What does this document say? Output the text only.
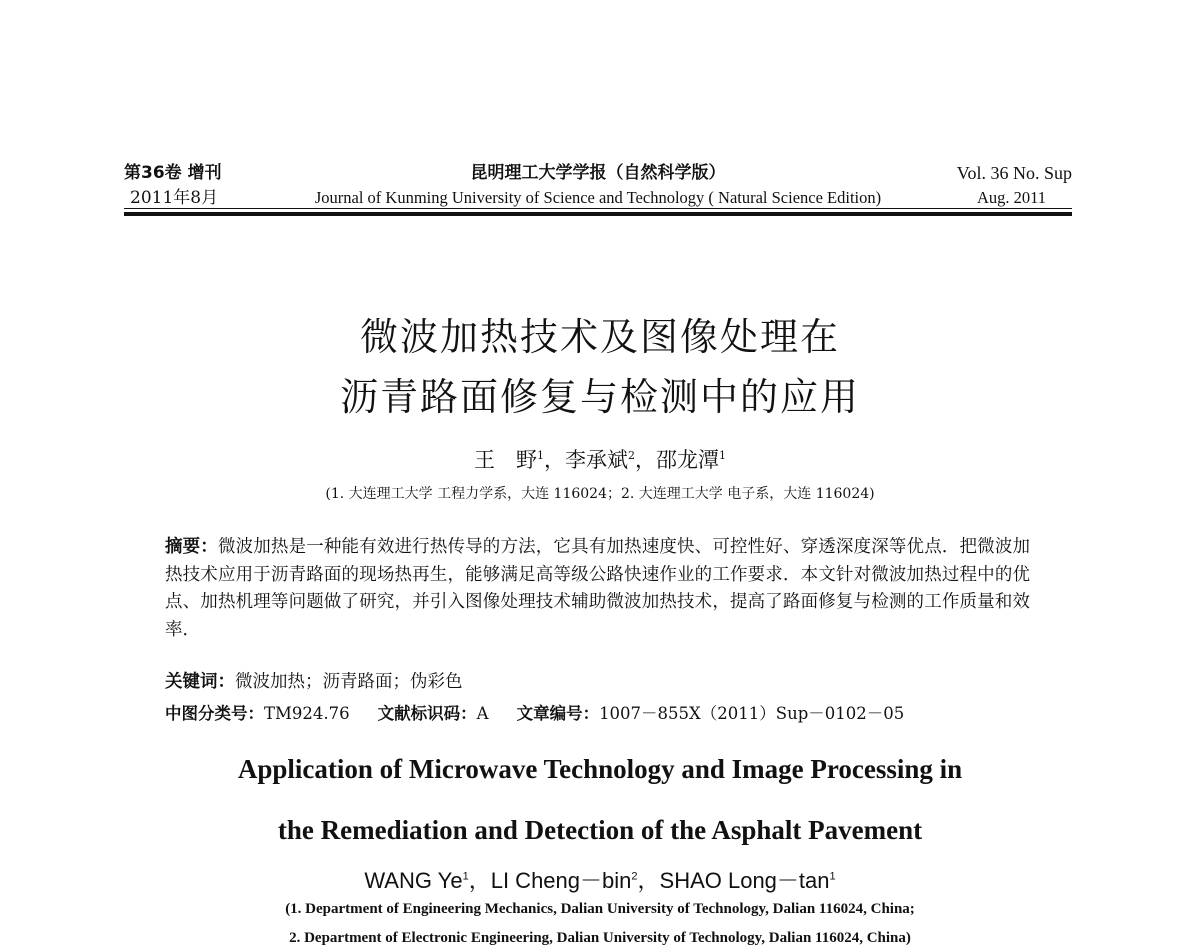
第36卷 增刊
2011年8月
昆明理工大学学报（自然科学版）
Journal of Kunming University of Science and Technology ( Natural Science Edition)
Vol. 36 No. Sup
Aug. 2011
微波加热技术及图像处理在
沥青路面修复与检测中的应用
王　野$^1$，李承斌$^2$，邵龙潭$^1$
(1. 大连理工大学 工程力学系，大连 116024；2. 大连理工大学 电子系，大连 116024)
摘要：微波加热是一种能有效进行热传导的方法，它具有加热速度快、可控性好、穿透深度深等优点．把微波加热技术应用于沥青路面的现场热再生，能够满足高等级公路快速作业的工作要求．本文针对微波加热过程中的优点、加热机理等问题做了研究，并引入图像处理技术辅助微波加热技术，提高了路面修复与检测的工作质量和效率．
关键词：微波加热；沥青路面；伪彩色
中图分类号：TM924.76 文献标识码：A 文章编号：1007－855X（2011）Sup－0102－05
Application of Microwave Technology and Image Processing in
the Remediation and Detection of the Asphalt Pavement
WANG Ye$^1$，LI Cheng－bin$^2$，SHAO $Long-\tan^1$
(1. Department of Engineering Mechanics, Dalian University of Technology, Dalian 116024, China;
2. Department of Electronic Engineering, Dalian University of Technology, Dalian 116024, China)
